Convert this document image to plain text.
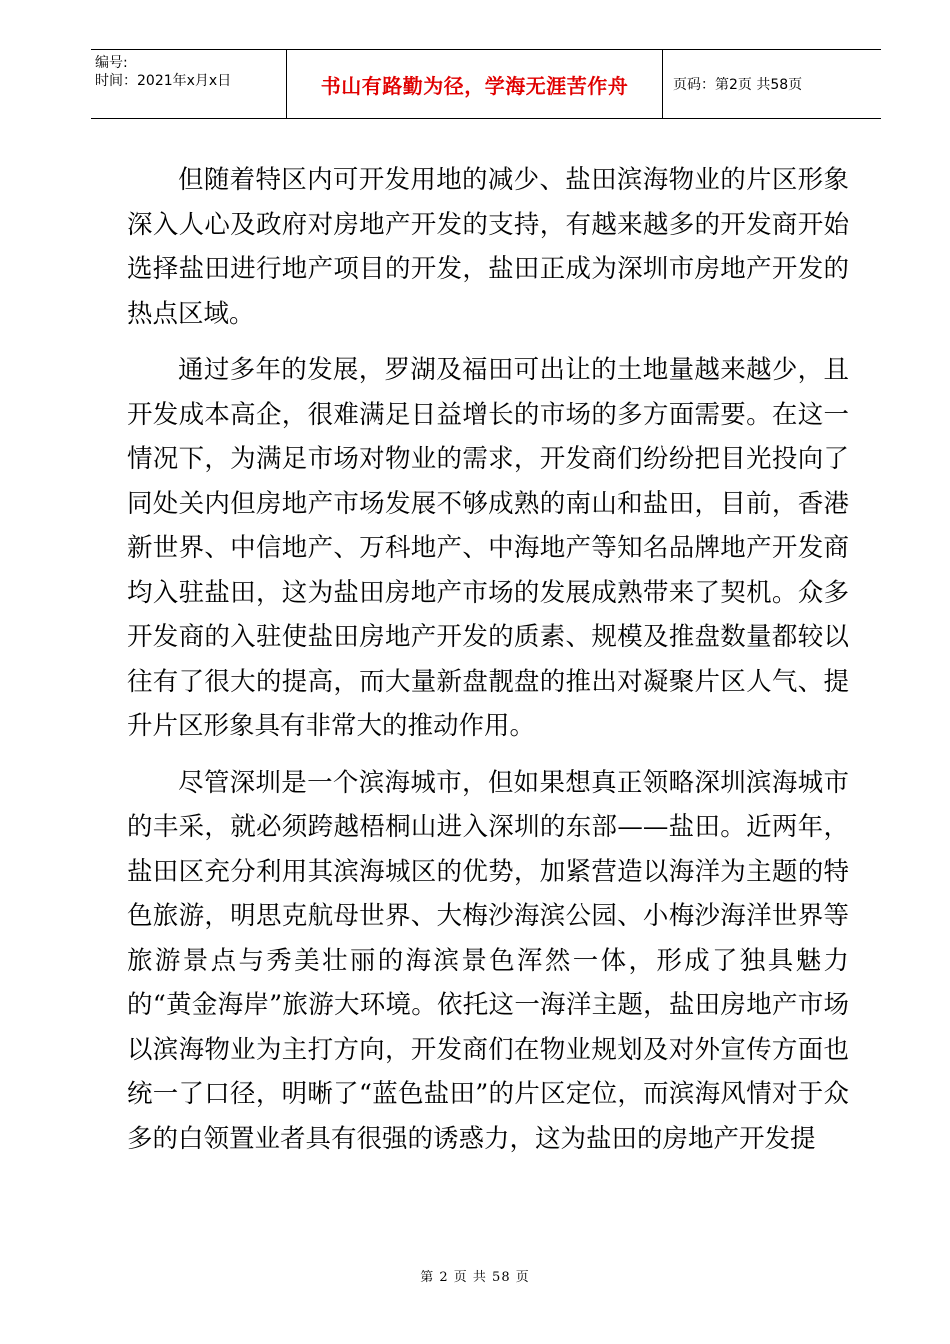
编号:
时间：2021年x月x日	书山有路勤为径，学海无涯苦作舟	页码：第2页 共58页

但随着特区内可开发用地的减少、盐田滨海物业的片区形象深入人心及政府对房地产开发的支持，有越来越多的开发商开始选择盐田进行地产项目的开发，盐田正成为深圳市房地产开发的热点区域。

通过多年的发展，罗湖及福田可出让的土地量越来越少，且开发成本高企，很难满足日益增长的市场的多方面需要。在这一情况下，为满足市场对物业的需求，开发商们纷纷把目光投向了同处关内但房地产市场发展不够成熟的南山和盐田，目前，香港新世界、中信地产、万科地产、中海地产等知名品牌地产开发商均入驻盐田，这为盐田房地产市场的发展成熟带来了契机。众多开发商的入驻使盐田房地产开发的质素、规模及推盘数量都较以往有了很大的提高，而大量新盘靓盘的推出对凝聚片区人气、提升片区形象具有非常大的推动作用。

尽管深圳是一个滨海城市，但如果想真正领略深圳滨海城市的丰采，就必须跨越梧桐山进入深圳的东部——盐田。近两年，盐田区充分利用其滨海城区的优势，加紧营造以海洋为主题的特色旅游，明思克航母世界、大梅沙海滨公园、小梅沙海洋世界等旅游景点与秀美壮丽的海滨景色浑然一体，形成了独具魅力的“黄金海岸”旅游大环境。依托这一海洋主题，盐田房地产市场以滨海物业为主打方向，开发商们在物业规划及对外宣传方面也统一了口径，明晰了“蓝色盐田”的片区定位，而滨海风情对于众多的白领置业者具有很强的诱惑力，这为盐田的房地产开发提

第 2 页 共 58 页
